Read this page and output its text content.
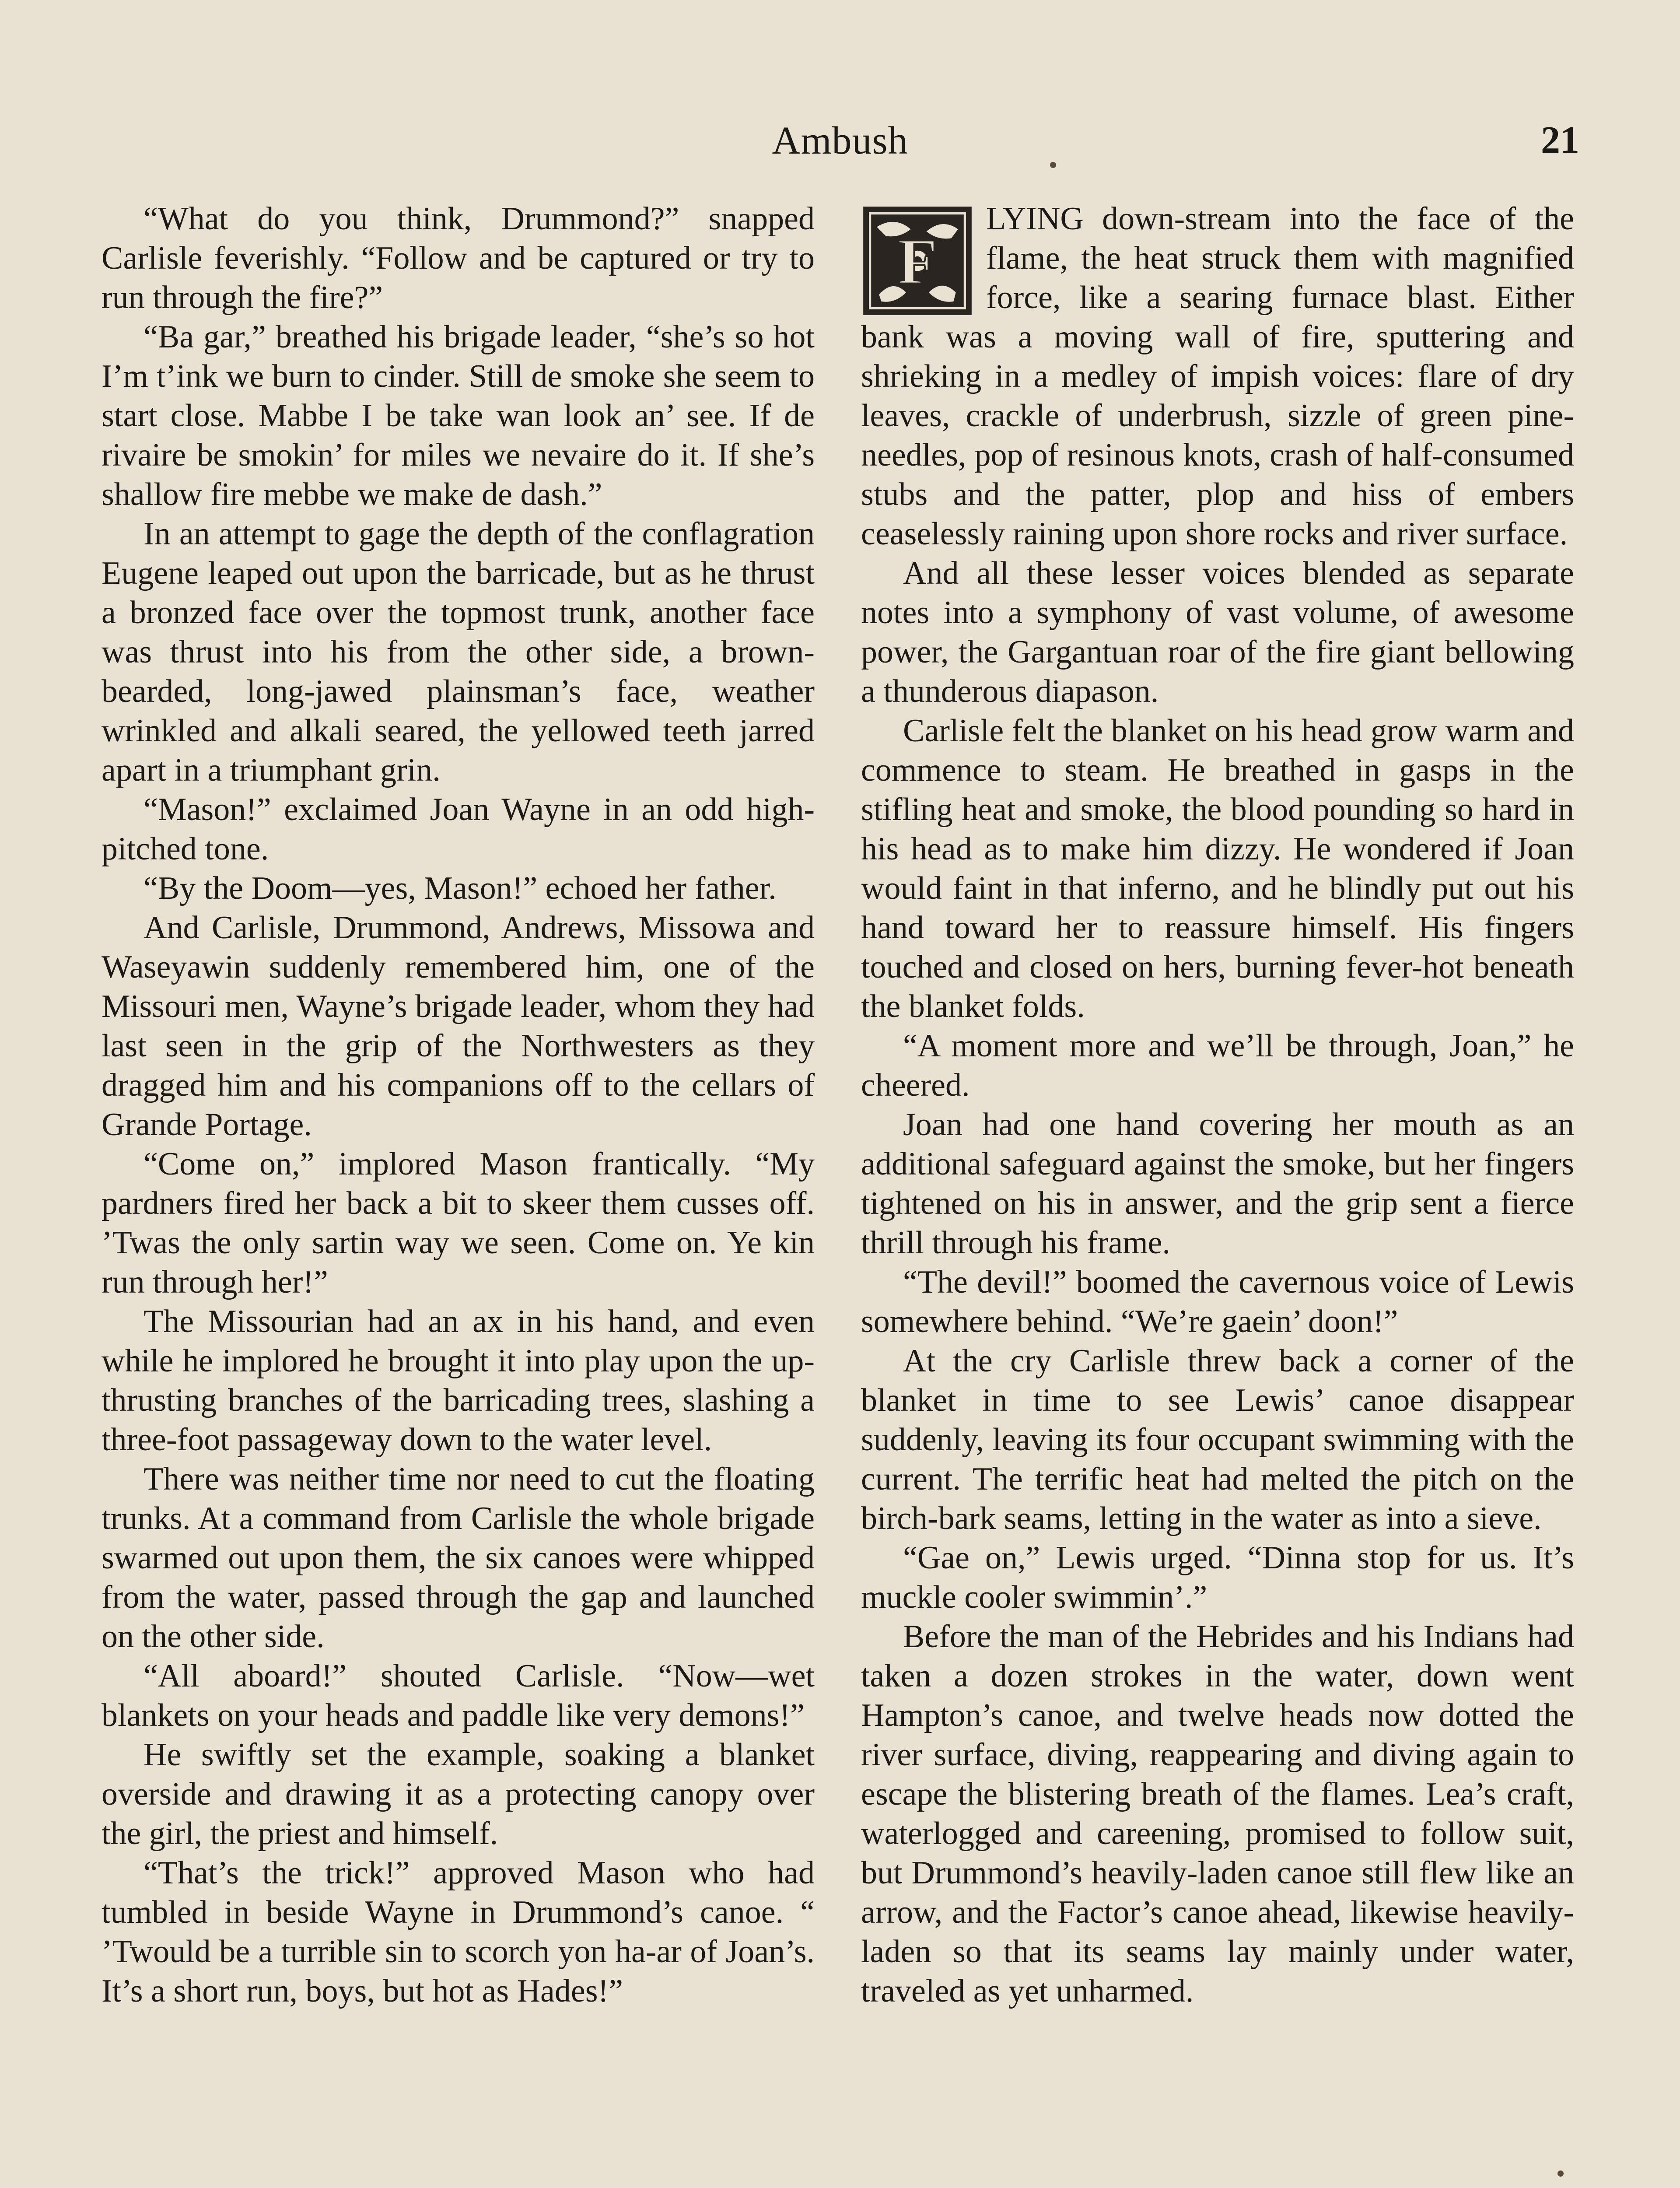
Ambush	21

“What do you think, Drummond?” snapped Carlisle feverishly. “Follow and be captured or try to run through the fire?”

“Ba gar,” breathed his brigade leader, “she’s so hot I’m t’ink we burn to cinder. Still de smoke she seem to start close. Mabbe I be take wan look an’ see. If de rivaire be smokin’ for miles we nevaire do it. If she’s shallow fire mebbe we make de dash.”

In an attempt to gage the depth of the conflagration Eugene leaped out upon the barricade, but as he thrust a bronzed face over the topmost trunk, another face was thrust into his from the other side, a brown-bearded, long-jawed plainsman’s face, weather wrinkled and alkali seared, the yellowed teeth jarred apart in a triumphant grin.

“Mason!” exclaimed Joan Wayne in an odd high-pitched tone.

“By the Doom—yes, Mason!” echoed her father.

And Carlisle, Drummond, Andrews, Missowa and Waseyawin suddenly remembered him, one of the Missouri men, Wayne’s brigade leader, whom they had last seen in the grip of the Northwesters as they dragged him and his companions off to the cellars of Grande Portage.

“Come on,” implored Mason frantically. “My pardners fired her back a bit to skeer them cusses off. ’Twas the only sartin way we seen. Come on. Ye kin run through her!”

The Missourian had an ax in his hand, and even while he implored he brought it into play upon the up-thrusting branches of the barricading trees, slashing a three-foot passageway down to the water level.

There was neither time nor need to cut the floating trunks. At a command from Carlisle the whole brigade swarmed out upon them, the six canoes were whipped from the water, passed through the gap and launched on the other side.

“All aboard!” shouted Carlisle. “Now—wet blankets on your heads and paddle like very demons!”

He swiftly set the example, soaking a blanket overside and drawing it as a protecting canopy over the girl, the priest and himself.

“That’s the trick!” approved Mason who had tumbled in beside Wayne in Drummond’s canoe. “ ’Twould be a turrible sin to scorch yon ha-ar of Joan’s. It’s a short run, boys, but hot as Hades!”

F
LYING down-stream into the face of the flame, the heat struck them with magnified force, like a searing furnace blast. Either bank was a moving wall of fire, sputtering and shrieking in a medley of impish voices: flare of dry leaves, crackle of underbrush, sizzle of green pine-needles, pop of resinous knots, crash of half-consumed stubs and the patter, plop and hiss of embers ceaselessly raining upon shore rocks and river surface.

And all these lesser voices blended as separate notes into a symphony of vast volume, of awesome power, the Gargantuan roar of the fire giant bellowing a thunderous diapason.

Carlisle felt the blanket on his head grow warm and commence to steam. He breathed in gasps in the stifling heat and smoke, the blood pounding so hard in his head as to make him dizzy. He wondered if Joan would faint in that inferno, and he blindly put out his hand toward her to reassure himself. His fingers touched and closed on hers, burning fever-hot beneath the blanket folds.

“A moment more and we’ll be through, Joan,” he cheered.

Joan had one hand covering her mouth as an additional safeguard against the smoke, but her fingers tightened on his in answer, and the grip sent a fierce thrill through his frame.

“The devil!” boomed the cavernous voice of Lewis somewhere behind. “We’re gaein’ doon!”

At the cry Carlisle threw back a corner of the blanket in time to see Lewis’ canoe disappear suddenly, leaving its four occupant swimming with the current. The terrific heat had melted the pitch on the birch-bark seams, letting in the water as into a sieve.

“Gae on,” Lewis urged. “Dinna stop for us. It’s muckle cooler swimmin’.”

Before the man of the Hebrides and his Indians had taken a dozen strokes in the water, down went Hampton’s canoe, and twelve heads now dotted the river surface, diving, reappearing and diving again to escape the blistering breath of the flames. Lea’s craft, waterlogged and careening, promised to follow suit, but Drummond’s heavily-laden canoe still flew like an arrow, and the Factor’s canoe ahead, likewise heavily-laden so that its seams lay mainly under water, traveled as yet unharmed.
